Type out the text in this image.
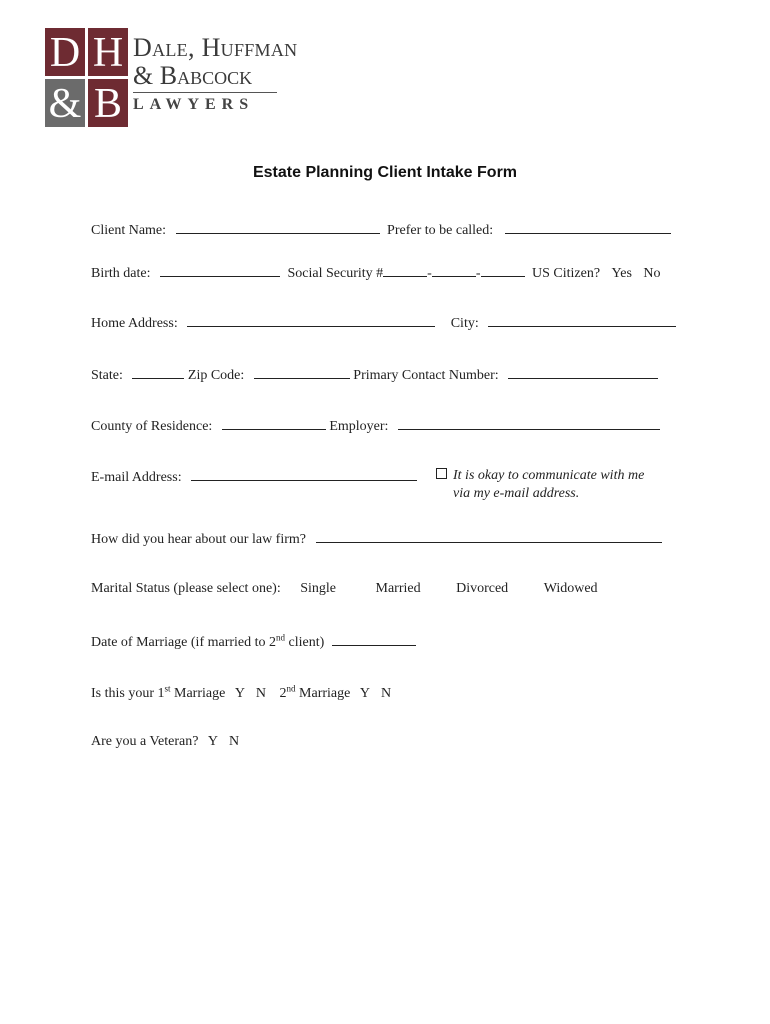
D H
& B
Dale, Huffman
& Babcock
LAWYERS
Estate Planning Client Intake Form
Client Name:	Prefer to be called:
Birth date:	Social Security #	-	-	US Citizen? Yes No
Home Address:	City:
State:	Zip Code:	Primary Contact Number:
County of Residence:	Employer:
E-mail Address:	It is okay to communicate with me
via my e-mail address.
How did you hear about our law firm?
Marital Status (please select one): Single	Married	Divorced	Widowed
Date of Marriage (if married to 2nd client)
Is this your 1st Marriage Y N 2nd Marriage Y N
Are you a Veteran? Y N
